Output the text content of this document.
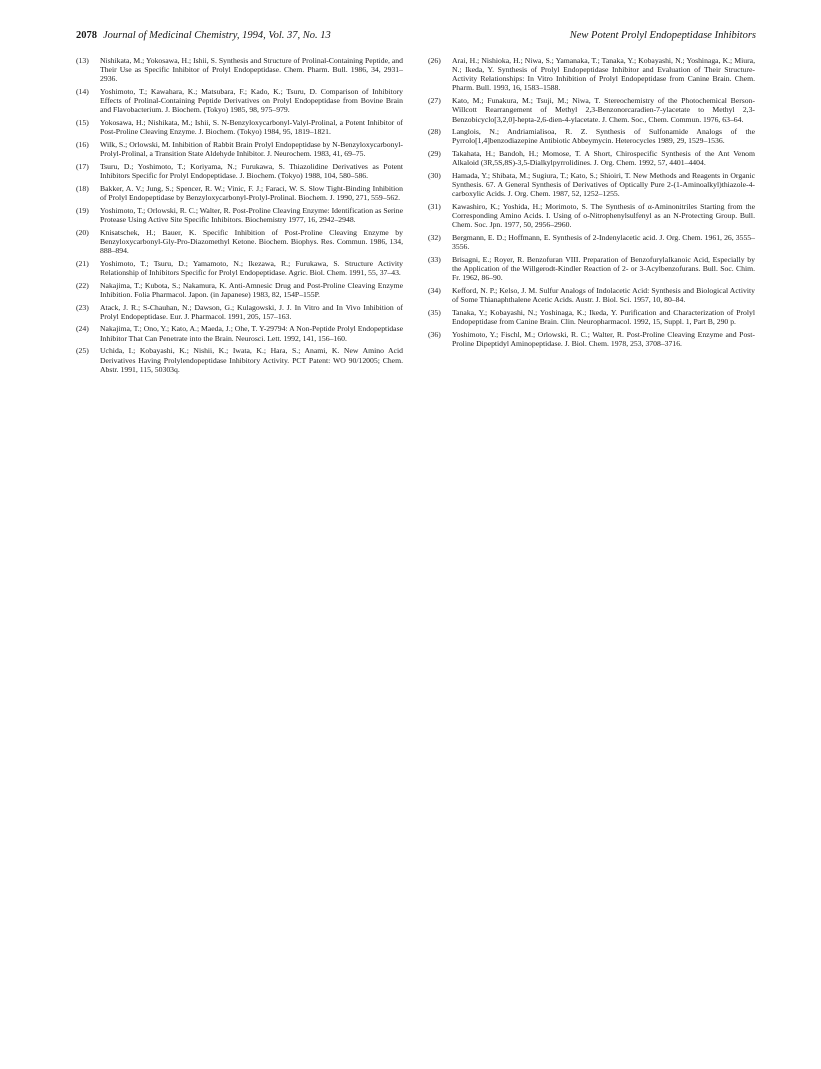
2078 Journal of Medicinal Chemistry, 1994, Vol. 37, No. 13	New Potent Prolyl Endopeptidase Inhibitors
(13)	Nishikata, M.; Yokosawa, H.; Ishii, S. Synthesis and Structure of Prolinal-Containing Peptide, and Their Use as Specific Inhibitor of Prolyl Endopeptidase. Chem. Pharm. Bull. 1986, 34, 2931–2936.
(14)	Yoshimoto, T.; Kawahara, K.; Matsubara, F.; Kado, K.; Tsuru, D. Comparison of Inhibitory Effects of Prolinal-Containing Peptide Derivatives on Prolyl Endopeptidase from Bovine Brain and Flavobacterium. J. Biochem. (Tokyo) 1985, 98, 975–979.
(15)	Yokosawa, H.; Nishikata, M.; Ishii, S. N-Benzyloxycarbonyl-Valyl-Prolinal, a Potent Inhibitor of Post-Proline Cleaving Enzyme. J. Biochem. (Tokyo) 1984, 95, 1819–1821.
(16)	Wilk, S.; Orlowski, M. Inhibition of Rabbit Brain Prolyl Endopeptidase by N-Benzyloxycarbonyl-Prolyl-Prolinal, a Transition State Aldehyde Inhibitor. J. Neurochem. 1983, 41, 69–75.
(17)	Tsuru, D.; Yoshimoto, T.; Koriyama, N.; Furukawa, S. Thiazolidine Derivatives as Potent Inhibitors Specific for Prolyl Endopeptidase. J. Biochem. (Tokyo) 1988, 104, 580–586.
(18)	Bakker, A. V.; Jung, S.; Spencer, R. W.; Vinic, F. J.; Faraci, W. S. Slow Tight-Binding Inhibition of Prolyl Endopeptidase by Benzyloxycarbonyl-Prolyl-Prolinal. Biochem. J. 1990, 271, 559–562.
(19)	Yoshimoto, T.; Orlowski, R. C.; Walter, R. Post-Proline Cleaving Enzyme: Identification as Serine Protease Using Active Site Specific Inhibitors. Biochemistry 1977, 16, 2942–2948.
(20)	Knisatschek, H.; Bauer, K. Specific Inhibition of Post-Proline Cleaving Enzyme by Benzyloxycarbonyl-Gly-Pro-Diazomethyl Ketone. Biochem. Biophys. Res. Commun. 1986, 134, 888–894.
(21)	Yoshimoto, T.; Tsuru, D.; Yamamoto, N.; Ikezawa, R.; Furukawa, S. Structure Activity Relationship of Inhibitors Specific for Prolyl Endopeptidase. Agric. Biol. Chem. 1991, 55, 37–43.
(22)	Nakajima, T.; Kubota, S.; Nakamura, K. Anti-Amnesic Drug and Post-Proline Cleaving Enzyme Inhibition. Folia Pharmacol. Japon. (in Japanese) 1983, 82, 154P–155P.
(23)	Atack, J. R.; S-Chauhan, N.; Dawson, G.; Kulagowski, J. J. In Vitro and In Vivo Inhibition of Prolyl Endopeptidase. Eur. J. Pharmacol. 1991, 205, 157–163.
(24)	Nakajima, T.; Ono, Y.; Kato, A.; Maeda, J.; Ohe, T. Y-29794: A Non-Peptide Prolyl Endopeptidase Inhibitor That Can Penetrate into the Brain. Neurosci. Lett. 1992, 141, 156–160.
(25)	Uchida, I.; Kobayashi, K.; Nishii, K.; Iwata, K.; Hara, S.; Anami, K. New Amino Acid Derivatives Having Prolylendopeptidase Inhibitory Activity. PCT Patent: WO 90/12005; Chem. Abstr. 1991, 115, 50303q.
(26)	Arai, H.; Nishioka, H.; Niwa, S.; Yamanaka, T.; Tanaka, Y.; Kobayashi, N.; Yoshinaga, K.; Miura, N.; Ikeda, Y. Synthesis of Prolyl Endopeptidase Inhibitor and Evaluation of Their Structure-Activity Relationships: In Vitro Inhibition of Prolyl Endopeptidase from Canine Brain. Chem. Pharm. Bull. 1993, 16, 1583–1588.
(27)	Kato, M.; Funakura, M.; Tsuji, M.; Niwa, T. Stereochemistry of the Photochemical Berson-Willcott Rearrangement of Methyl 2,3-Benzonorcaradien-7-ylacetate to Methyl 2,3-Benzobicyclo[3,2,0]-hepta-2,6-dien-4-ylacetate. J. Chem. Soc., Chem. Commun. 1976, 63–64.
(28)	Langlois, N.; Andriamialisoa, R. Z. Synthesis of Sulfonamide Analogs of the Pyrrolo[1,4]benzodiazepine Antibiotic Abbeymycin. Heterocycles 1989, 29, 1529–1536.
(29)	Takahata, H.; Bandoh, H.; Momose, T. A Short, Chirospecific Synthesis of the Ant Venom Alkaloid (3R,5S,8S)-3,5-Dialkylpyrrolidines. J. Org. Chem. 1992, 57, 4401–4404.
(30)	Hamada, Y.; Shibata, M.; Sugiura, T.; Kato, S.; Shioiri, T. New Methods and Reagents in Organic Synthesis. 67. A General Synthesis of Derivatives of Optically Pure 2-(1-Aminoalkyl)thiazole-4-carboxylic Acids. J. Org. Chem. 1987, 52, 1252–1255.
(31)	Kawashiro, K.; Yoshida, H.; Morimoto, S. The Synthesis of α-Aminonitriles Starting from the Corresponding Amino Acids. I. Using of o-Nitrophenylsulfenyl as an N-Protecting Group. Bull. Chem. Soc. Jpn. 1977, 50, 2956–2960.
(32)	Bergmann, E. D.; Hoffmann, E. Synthesis of 2-Indenylacetic acid. J. Org. Chem. 1961, 26, 3555–3556.
(33)	Brisagni, E.; Royer, R. Benzofuran VIII. Preparation of Benzofurylalkanoic Acid, Especially by the Application of the Willgerodt-Kindler Reaction of 2- or 3-Acylbenzofurans. Bull. Soc. Chim. Fr. 1962, 86–90.
(34)	Kefford, N. P.; Kelso, J. M. Sulfur Analogs of Indolacetic Acid: Synthesis and Biological Activity of Some Thianaphthalene Acetic Acids. Austr. J. Biol. Sci. 1957, 10, 80–84.
(35)	Tanaka, Y.; Kobayashi, N.; Yoshinaga, K.; Ikeda, Y. Purification and Characterization of Prolyl Endopeptidase from Canine Brain. Clin. Neuropharmacol. 1992, 15, Suppl. 1, Part B, 290 p.
(36)	Yoshimoto, Y.; Fischl, M.; Orlowski, R. C.; Walter, R. Post-Proline Cleaving Enzyme and Post-Proline Dipeptidyl Aminopeptidase. J. Biol. Chem. 1978, 253, 3708–3716.
